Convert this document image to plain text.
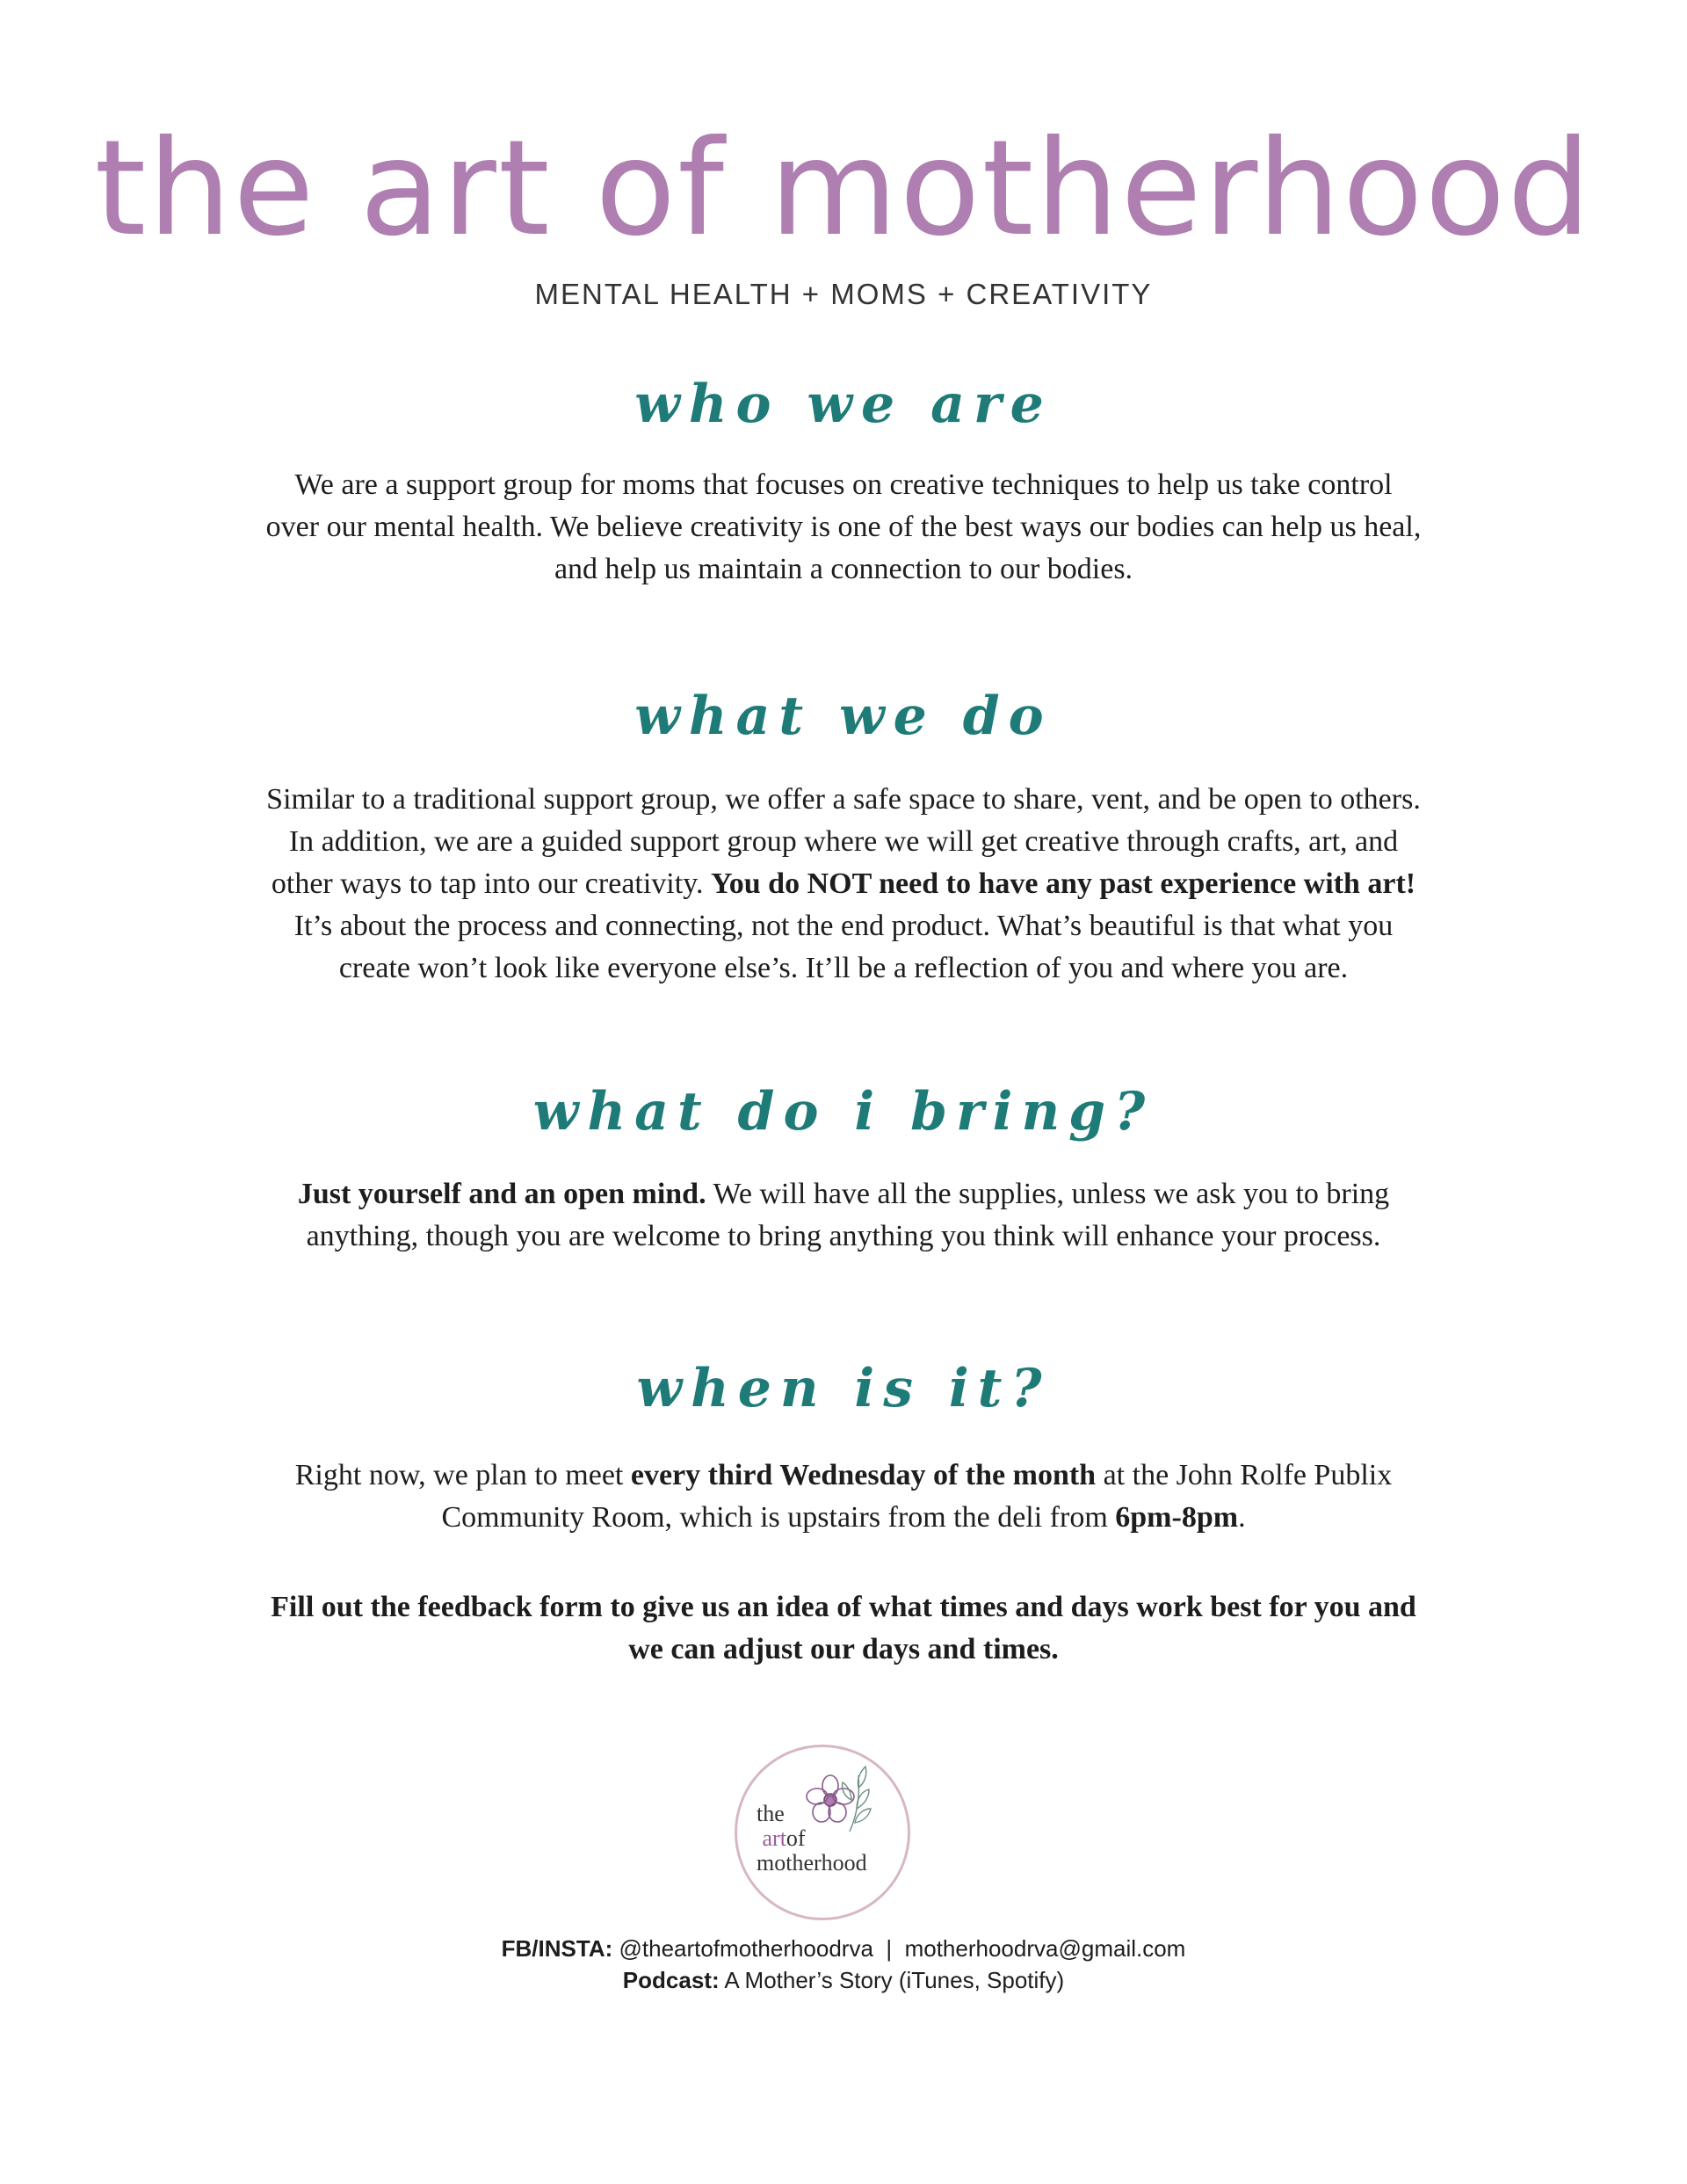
the art of motherhood

MENTAL HEALTH + MOMS + CREATIVITY

who we are
We are a support group for moms that focuses on creative techniques to help us take control
over our mental health. We believe creativity is one of the best ways our bodies can help us heal,
and help us maintain a connection to our bodies.
what we do
Similar to a traditional support group, we offer a safe space to share, vent, and be open to others.
In addition, we are a guided support group where we will get creative through crafts, art, and
other ways to tap into our creativity. You do NOT need to have any past experience with art!
It’s about the process and connecting, not the end product. What’s beautiful is that what you
create won’t look like everyone else’s. It’ll be a reflection of you and where you are.
what do i bring?
Just yourself and an open mind. We will have all the supplies, unless we ask you to bring
anything, though you are welcome to bring anything you think will enhance your process.
when is it?
Right now, we plan to meet every third Wednesday of the month at the John Rolfe Publix
Community Room, which is upstairs from the deli from 6pm-8pm.
Fill out the feedback form to give us an idea of what times and days work best for you and
we can adjust our days and times.
the
artof
motherhood
FB/INSTA: @theartofmotherhoodrva  |  motherhoodrva@gmail.com
Podcast: A Mother’s Story (iTunes, Spotify)
